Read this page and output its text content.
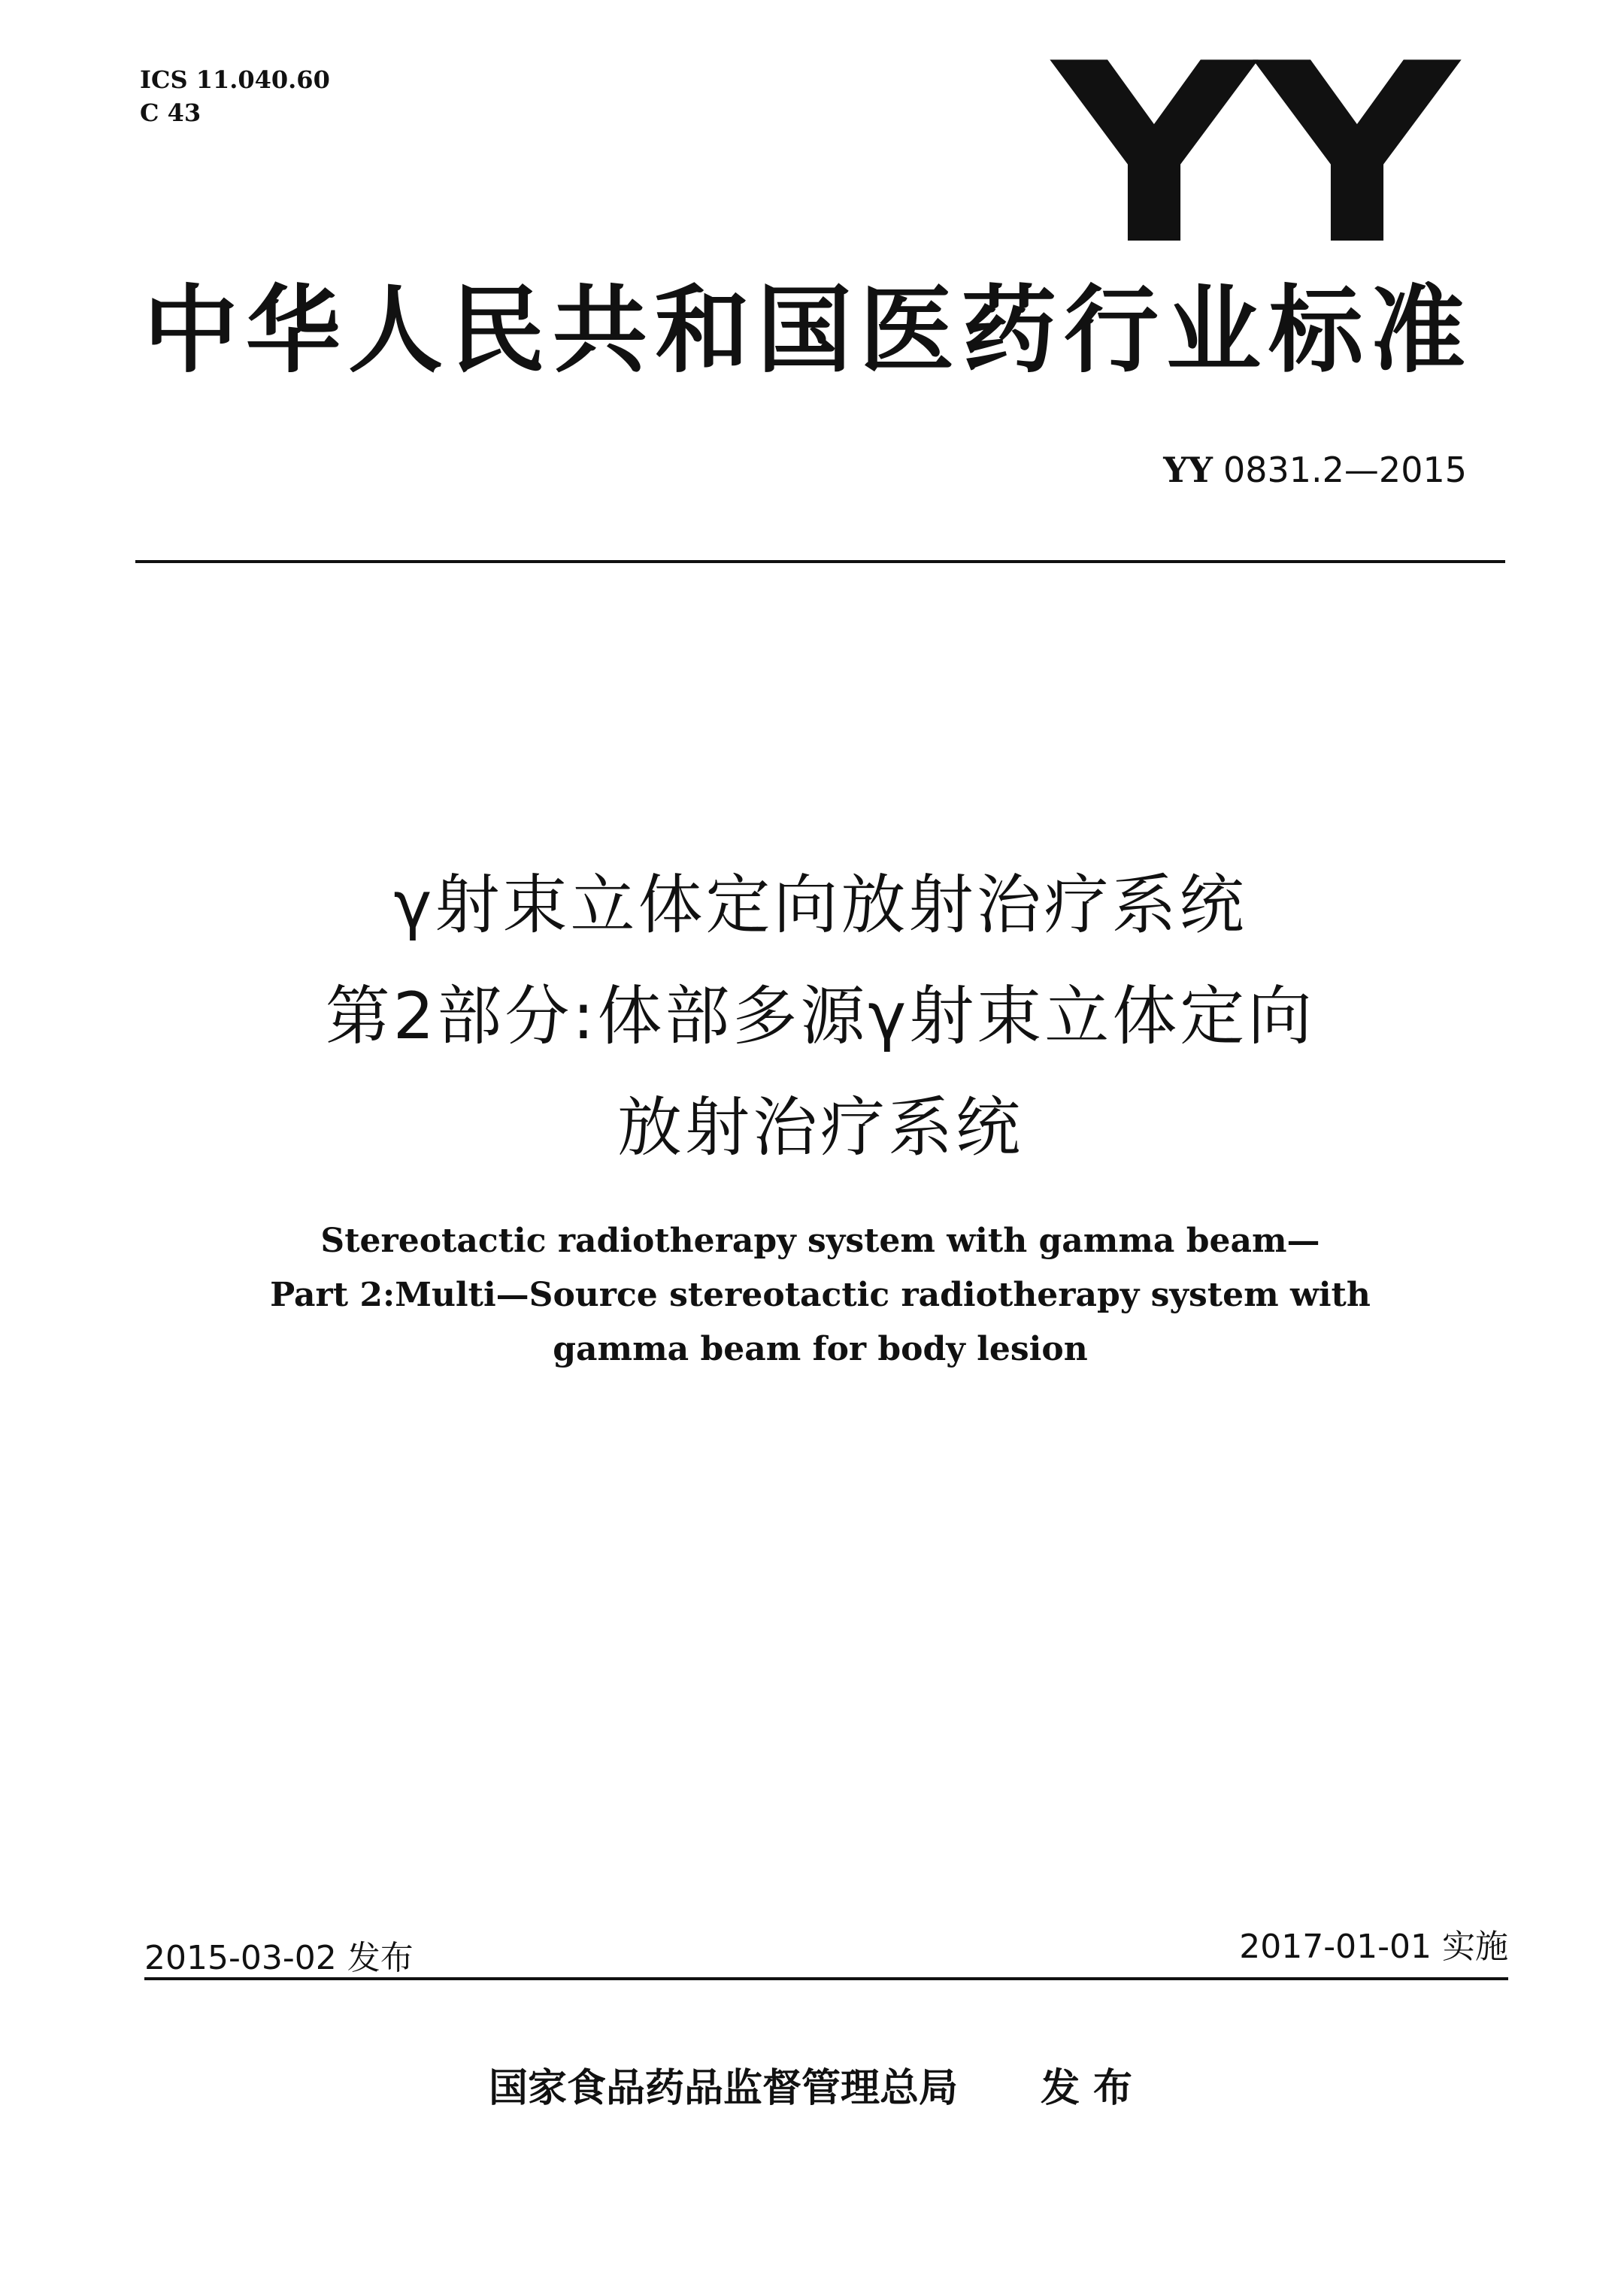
ICS 11.040.60
C 43	YY
中华人民共和国医药行业标准
YY 0831.2—2015
γ射束立体定向放射治疗系统
第2部分:体部多源γ射束立体定向
放射治疗系统
Stereotactic radiotherapy system with gamma beam—
Part 2:Multi—Source stereotactic radiotherapy system with
gamma beam for body lesion
2015-03-02 发布	2017-01-01 实施
国家食品药品监督管理总局 发 布
